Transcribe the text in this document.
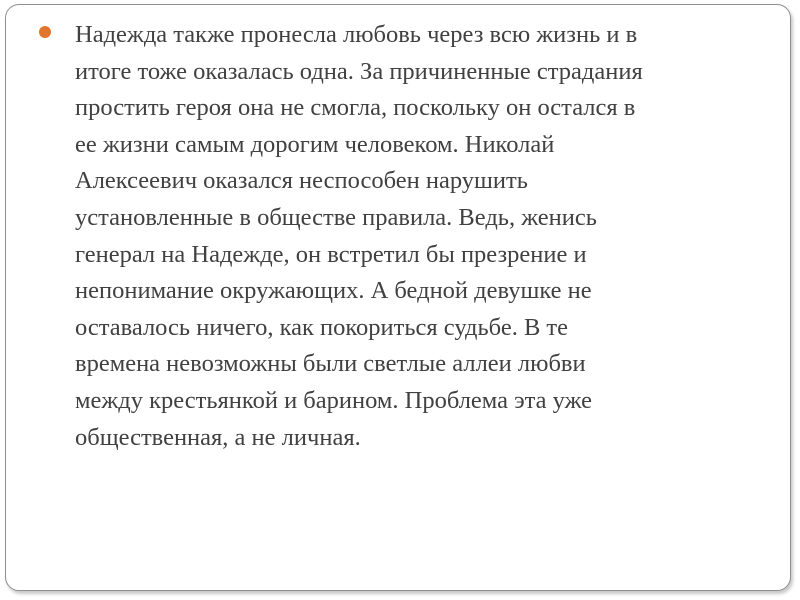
Надежда также пронесла любовь через всю жизнь и в
итоге тоже оказалась одна. За причиненные страдания
простить героя она не смогла, поскольку он остался в
ее жизни самым дорогим человеком. Николай
Алексеевич оказался неспособен нарушить
установленные в обществе правила. Ведь, женись
генерал на Надежде, он встретил бы презрение и
непонимание окружающих. А бедной девушке не
оставалось ничего, как покориться судьбе. В те
времена невозможны были светлые аллеи любви
между крестьянкой и барином. Проблема эта уже
общественная, а не личная.
